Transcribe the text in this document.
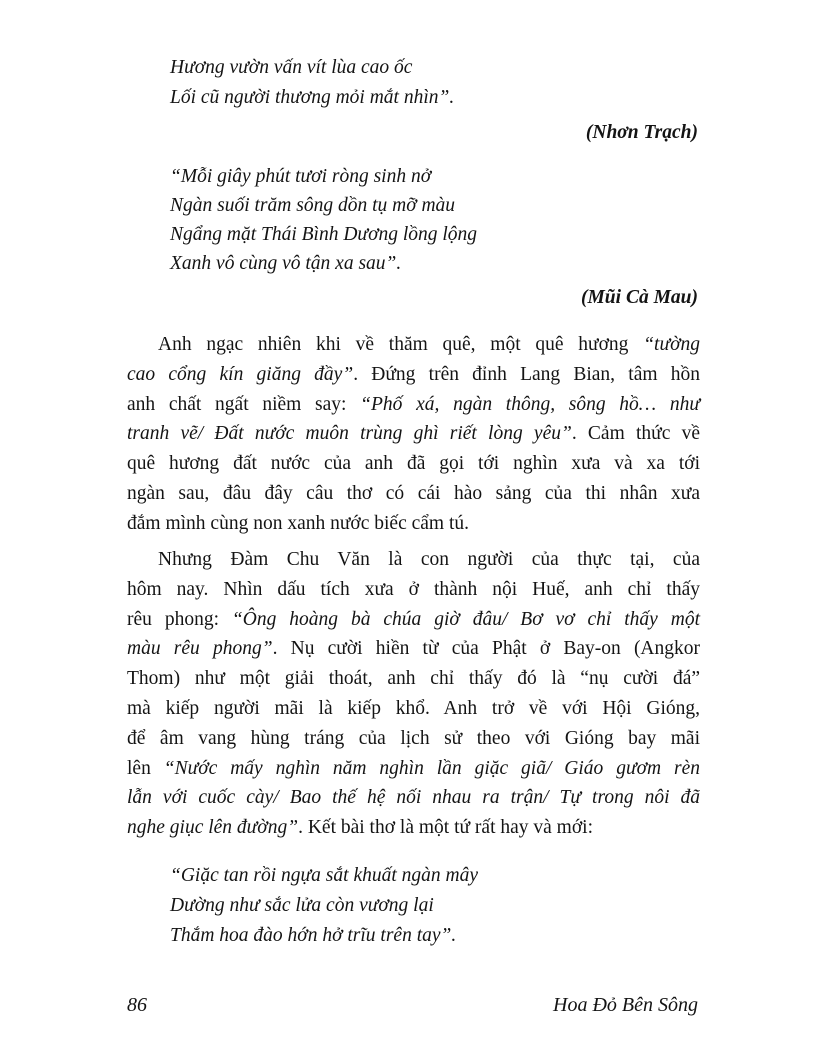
Hương vườn vấn vít lùa cao ốc
Lối cũ người thương mỏi mắt nhìn”.
(Nhơn Trạch)
“Mỗi giây phút tươi ròng sinh nở
Ngàn suối trăm sông dồn tụ mỡ màu
Ngẩng mặt Thái Bình Dương lồng lộng
Xanh vô cùng vô tận xa sau”.
(Mũi Cà Mau)
Anh ngạc nhiên khi về thăm quê, một quê hương “tường
cao cổng kín giăng đầy”. Đứng trên đỉnh Lang Bian, tâm hồn
anh chất ngất niềm say: “Phố xá, ngàn thông, sông hồ… như
tranh vẽ/ Đất nước muôn trùng ghì riết lòng yêu”. Cảm thức về
quê hương đất nước của anh đã gọi tới nghìn xưa và xa tới
ngàn sau, đâu đây câu thơ có cái hào sảng của thi nhân xưa
đắm mình cùng non xanh nước biếc cẩm tú.
Nhưng Đàm Chu Văn là con người của thực tại, của
hôm nay. Nhìn dấu tích xưa ở thành nội Huế, anh chỉ thấy
rêu phong: “Ông hoàng bà chúa giờ đâu/ Bơ vơ chỉ thấy một
màu rêu phong”. Nụ cười hiền từ của Phật ở Bay-on (Angkor
Thom) như một giải thoát, anh chỉ thấy đó là “nụ cười đá”
mà kiếp người mãi là kiếp khổ. Anh trở về với Hội Gióng,
để âm vang hùng tráng của lịch sử theo với Gióng bay mãi
lên “Nước mấy nghìn năm nghìn lần giặc giã/ Giáo gươm rèn
lẫn với cuốc cày/ Bao thế hệ nối nhau ra trận/ Tự trong nôi đã
nghe giục lên đường”. Kết bài thơ là một tứ rất hay và mới:
“Giặc tan rồi ngựa sắt khuất ngàn mây
Dường như sắc lửa còn vương lại
Thắm hoa đào hớn hở trĩu trên tay”.
86	Hoa Đỏ Bên Sông
